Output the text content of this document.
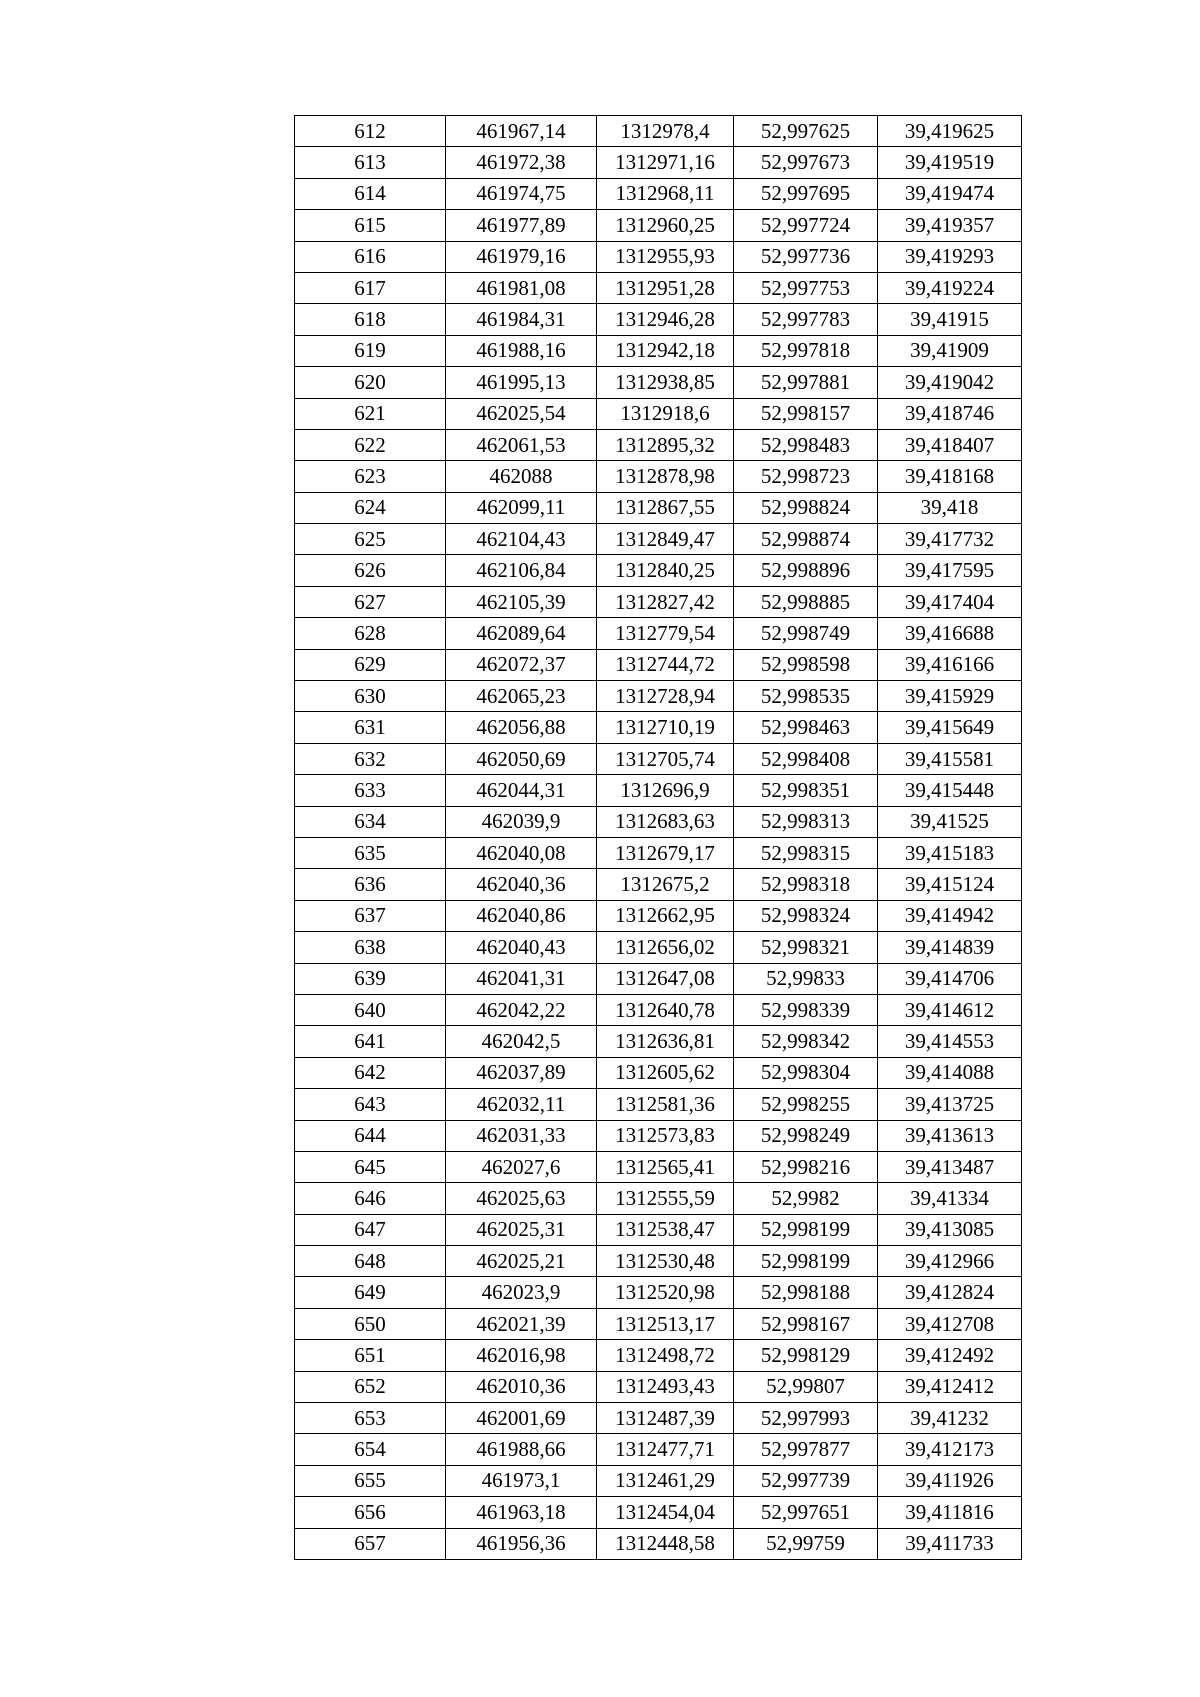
612	461967,14	1312978,4	52,997625	39,419625
613	461972,38	1312971,16	52,997673	39,419519
614	461974,75	1312968,11	52,997695	39,419474
615	461977,89	1312960,25	52,997724	39,419357
616	461979,16	1312955,93	52,997736	39,419293
617	461981,08	1312951,28	52,997753	39,419224
618	461984,31	1312946,28	52,997783	39,41915
619	461988,16	1312942,18	52,997818	39,41909
620	461995,13	1312938,85	52,997881	39,419042
621	462025,54	1312918,6	52,998157	39,418746
622	462061,53	1312895,32	52,998483	39,418407
623	462088	1312878,98	52,998723	39,418168
624	462099,11	1312867,55	52,998824	39,418
625	462104,43	1312849,47	52,998874	39,417732
626	462106,84	1312840,25	52,998896	39,417595
627	462105,39	1312827,42	52,998885	39,417404
628	462089,64	1312779,54	52,998749	39,416688
629	462072,37	1312744,72	52,998598	39,416166
630	462065,23	1312728,94	52,998535	39,415929
631	462056,88	1312710,19	52,998463	39,415649
632	462050,69	1312705,74	52,998408	39,415581
633	462044,31	1312696,9	52,998351	39,415448
634	462039,9	1312683,63	52,998313	39,41525
635	462040,08	1312679,17	52,998315	39,415183
636	462040,36	1312675,2	52,998318	39,415124
637	462040,86	1312662,95	52,998324	39,414942
638	462040,43	1312656,02	52,998321	39,414839
639	462041,31	1312647,08	52,99833	39,414706
640	462042,22	1312640,78	52,998339	39,414612
641	462042,5	1312636,81	52,998342	39,414553
642	462037,89	1312605,62	52,998304	39,414088
643	462032,11	1312581,36	52,998255	39,413725
644	462031,33	1312573,83	52,998249	39,413613
645	462027,6	1312565,41	52,998216	39,413487
646	462025,63	1312555,59	52,9982	39,41334
647	462025,31	1312538,47	52,998199	39,413085
648	462025,21	1312530,48	52,998199	39,412966
649	462023,9	1312520,98	52,998188	39,412824
650	462021,39	1312513,17	52,998167	39,412708
651	462016,98	1312498,72	52,998129	39,412492
652	462010,36	1312493,43	52,99807	39,412412
653	462001,69	1312487,39	52,997993	39,41232
654	461988,66	1312477,71	52,997877	39,412173
655	461973,1	1312461,29	52,997739	39,411926
656	461963,18	1312454,04	52,997651	39,411816
657	461956,36	1312448,58	52,99759	39,411733
